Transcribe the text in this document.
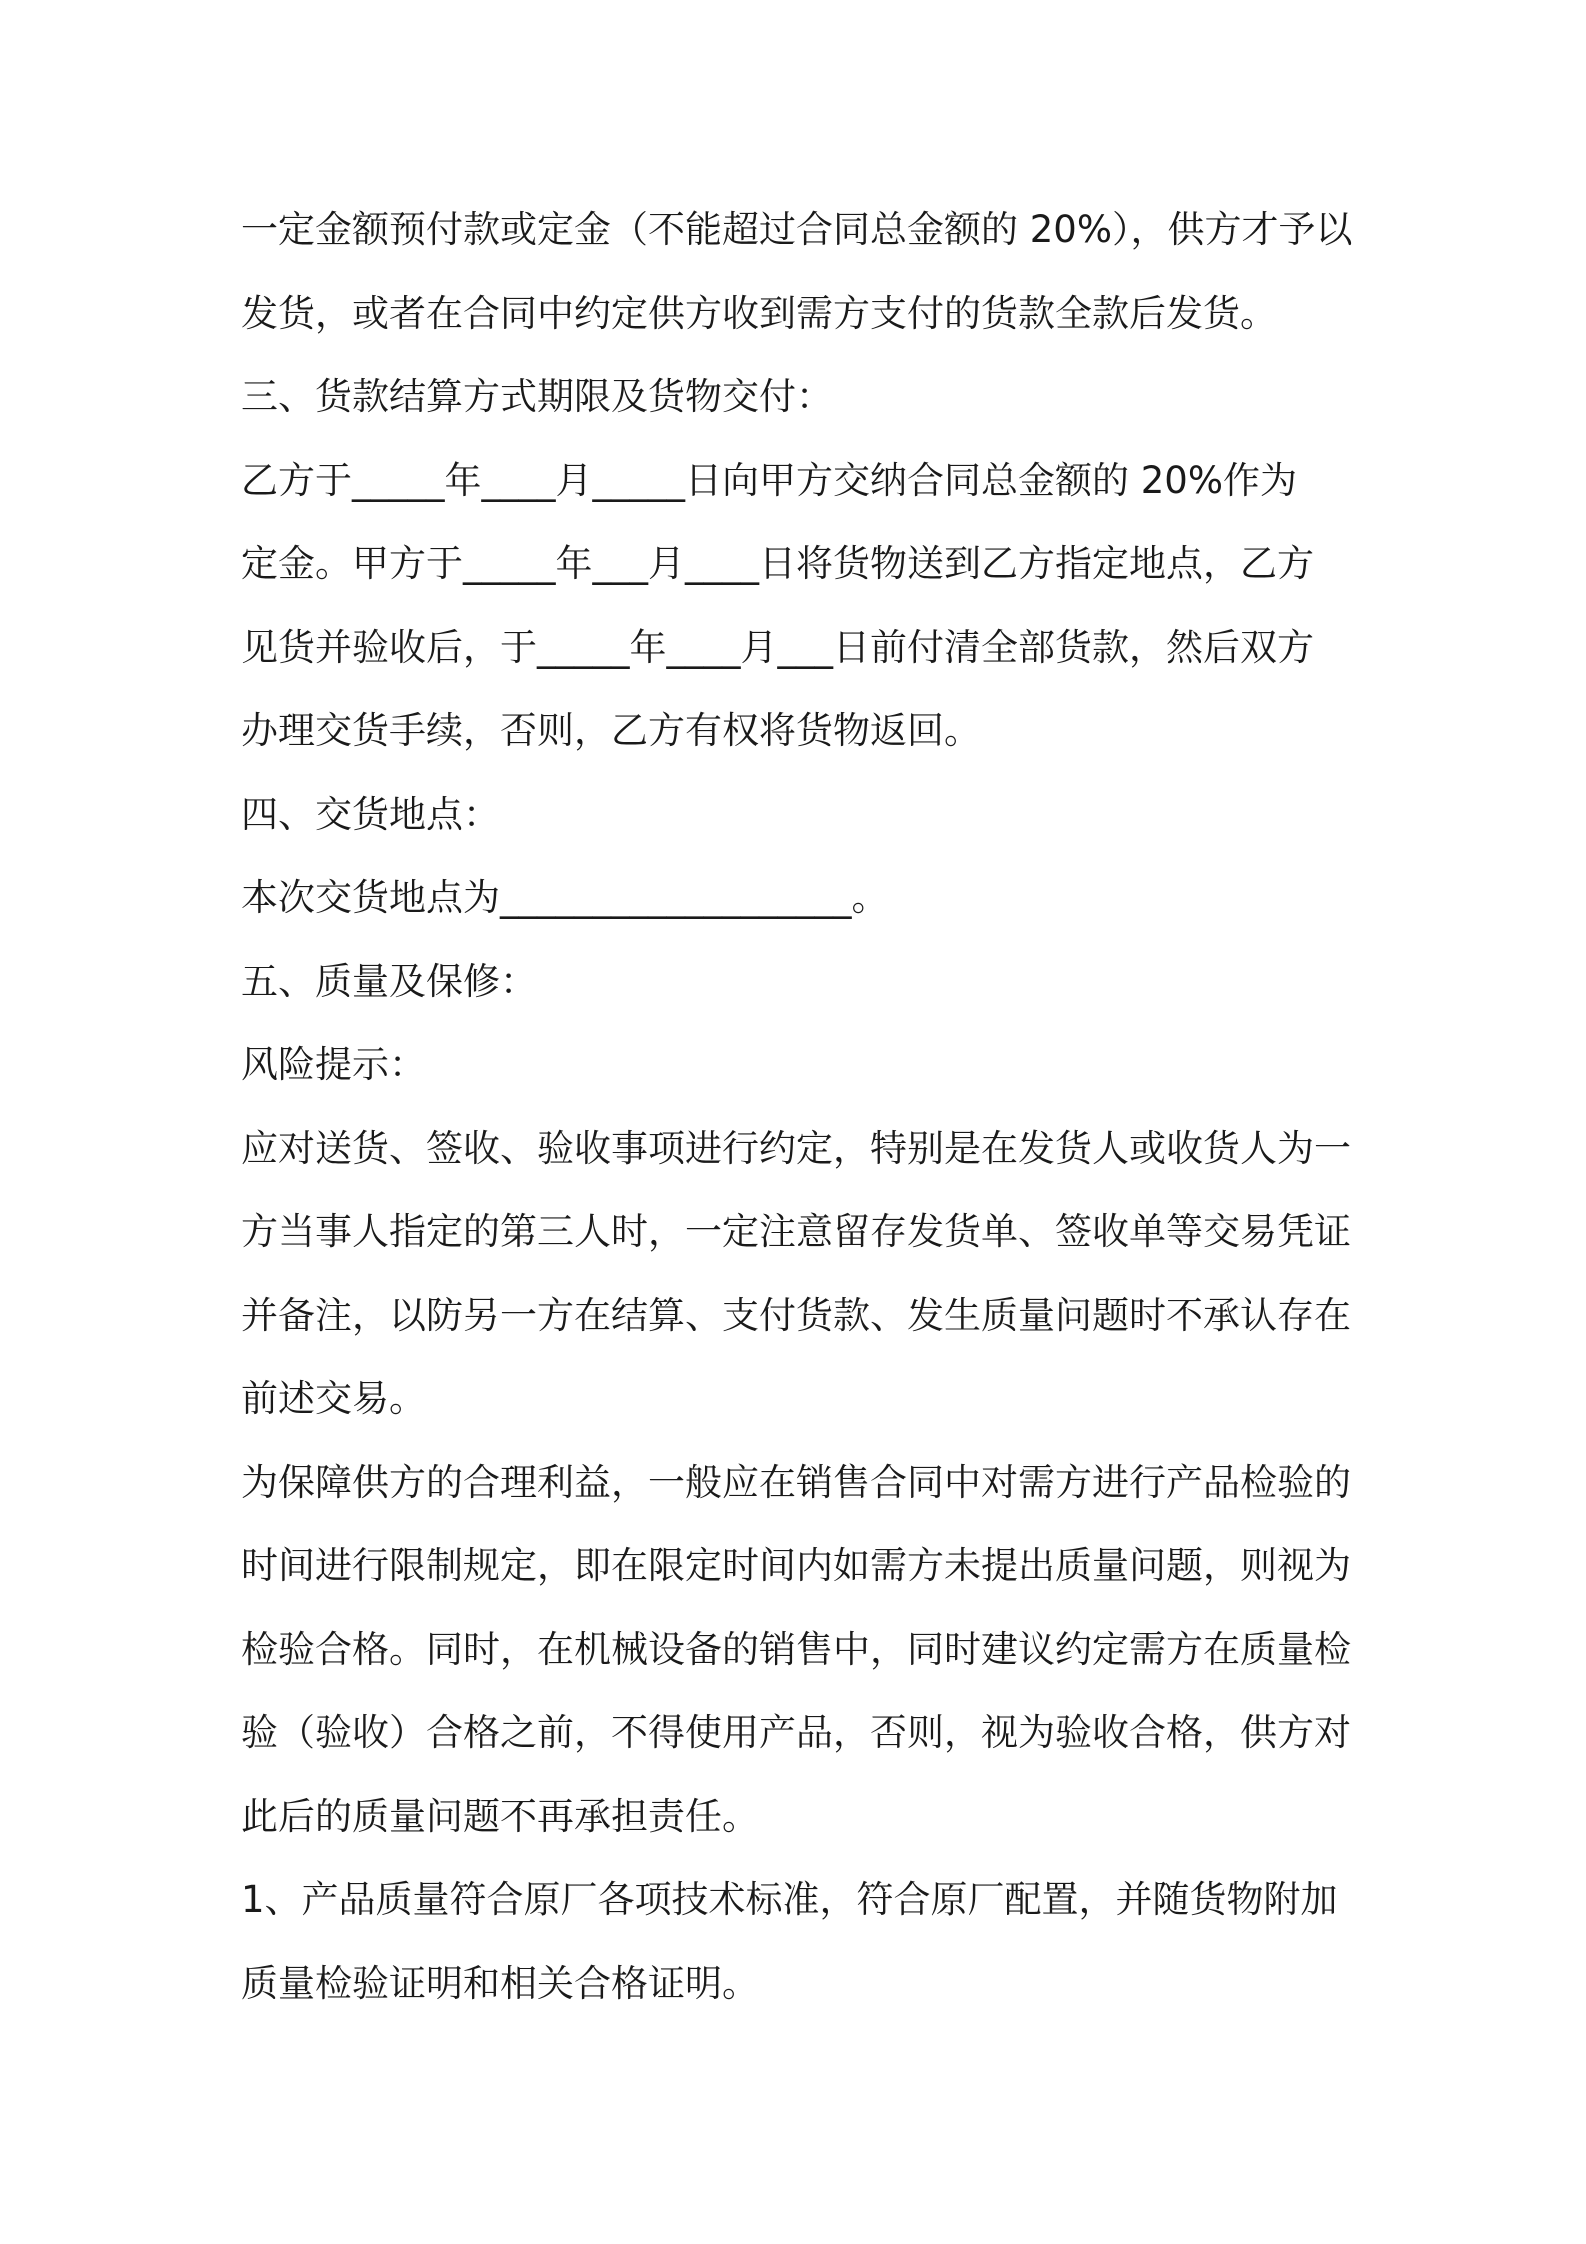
一定金额预付款或定金（不能超过合同总金额的 20%），供方才予以
发货，或者在合同中约定供方收到需方支付的货款全款后发货。
三、货款结算方式期限及货物交付：
乙方于_____年____月_____日向甲方交纳合同总金额的 20%作为
定金。甲方于_____年___月____日将货物送到乙方指定地点，乙方
见货并验收后，于_____年____月___日前付清全部货款，然后双方
办理交货手续，否则，乙方有权将货物返回。
四、交货地点：
本次交货地点为___________________。
五、质量及保修：
风险提示：
应对送货、签收、验收事项进行约定，特别是在发货人或收货人为一
方当事人指定的第三人时，一定注意留存发货单、签收单等交易凭证
并备注，以防另一方在结算、支付货款、发生质量问题时不承认存在
前述交易。
为保障供方的合理利益，一般应在销售合同中对需方进行产品检验的
时间进行限制规定，即在限定时间内如需方未提出质量问题，则视为
检验合格。同时，在机械设备的销售中，同时建议约定需方在质量检
验（验收）合格之前，不得使用产品，否则，视为验收合格，供方对
此后的质量问题不再承担责任。
1、产品质量符合原厂各项技术标准，符合原厂配置，并随货物附加
质量检验证明和相关合格证明。
